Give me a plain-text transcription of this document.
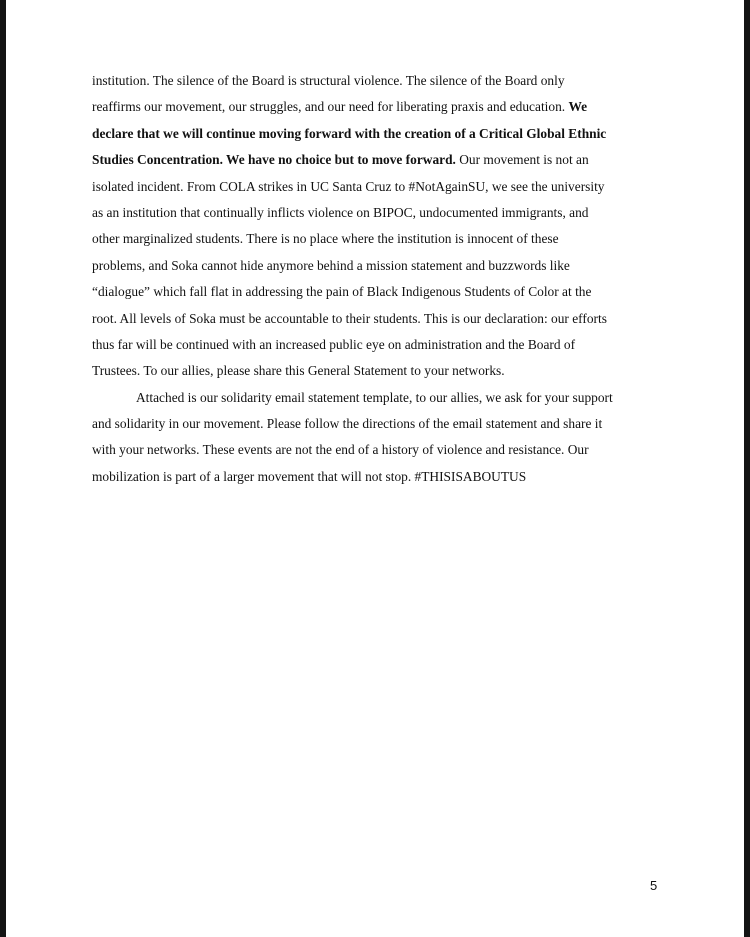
institution. The silence of the Board is structural violence. The silence of the Board only
reaffirms our movement, our struggles, and our need for liberating praxis and education. We
declare that we will continue moving forward with the creation of a Critical Global Ethnic
Studies Concentration. We have no choice but to move forward. Our movement is not an
isolated incident. From COLA strikes in UC Santa Cruz to #NotAgainSU, we see the university
as an institution that continually inflicts violence on BIPOC, undocumented immigrants, and
other marginalized students. There is no place where the institution is innocent of these
problems, and Soka cannot hide anymore behind a mission statement and buzzwords like
“dialogue” which fall flat in addressing the pain of Black Indigenous Students of Color at the
root. All levels of Soka must be accountable to their students. This is our declaration: our efforts
thus far will be continued with an increased public eye on administration and the Board of
Trustees. To our allies, please share this General Statement to your networks.
Attached is our solidarity email statement template, to our allies, we ask for your support
and solidarity in our movement. Please follow the directions of the email statement and share it
with your networks. These events are not the end of a history of violence and resistance. Our
mobilization is part of a larger movement that will not stop. #THISISABOUTUS
5
